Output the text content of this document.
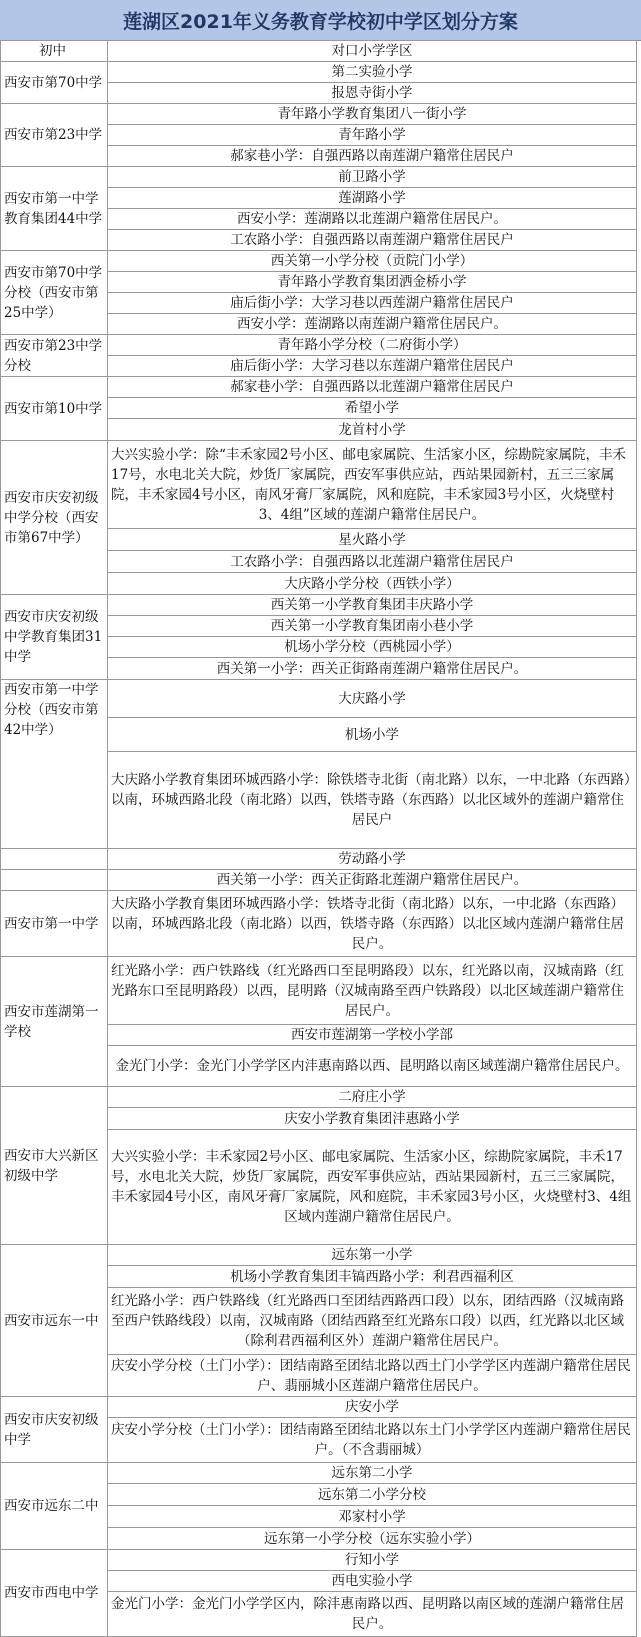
莲湖区2021年义务教育学校初中学区划分方案
初中	对口小学学区
西安市第70中学	第二实验小学
	报恩寺街小学
西安市第23中学	青年路小学教育集团八一街小学
	青年路小学
	郝家巷小学：自强西路以南莲湖户籍常住居民户
西安市第一中学教育集团44中学	前卫路小学
	莲湖路小学
	西安小学：莲湖路以北莲湖户籍常住居民户。
	工农路小学：自强西路以南莲湖户籍常住居民户
西安市第70中学分校（西安市第25中学）	西关第一小学分校（贡院门小学）
	青年路小学教育集团洒金桥小学
	庙后街小学：大学习巷以西莲湖户籍常住居民户
	西安小学：莲湖路以南莲湖户籍常住居民户。
西安市第23中学分校	青年路小学分校（二府街小学）
	庙后街小学：大学习巷以东莲湖户籍常住居民户
西安市第10中学	郝家巷小学：自强西路以北莲湖户籍常住居民户
	希望小学
	龙首村小学
西安市庆安初级中学分校（西安市第67中学）	大兴实验小学：除“丰禾家园2号小区、邮电家属院、生活家小区，综勘院家属院，丰禾17号，水电北关大院，炒货厂家属院，西安军事供应站，西站果园新村，五三三家属院，丰禾家园4号小区，南风牙膏厂家属院，风和庭院，丰禾家园3号小区，火烧壁村3、4组”区域的莲湖户籍常住居民户。
	星火路小学
	工农路小学：自强西路以北莲湖户籍常住居民户
	大庆路小学分校（西铁小学）
西安市庆安初级中学教育集团31中学	西关第一小学教育集团丰庆路小学
	西关第一小学教育集团南小巷小学
	机场小学分校（西桃园小学）
	西关第一小学：西关正街路南莲湖户籍常住居民户。
西安市第一中学分校（西安市第42中学）	大庆路小学
	机场小学
	大庆路小学教育集团环城西路小学：除铁塔寺北街（南北路）以东，一中北路（东西路）以南，环城西路北段（南北路）以西，铁塔寺路（东西路）以北区域外的莲湖户籍常住居民户
	劳动路小学
	西关第一小学：西关正街路北莲湖户籍常住居民户。
西安市第一中学	大庆路小学教育集团环城西路小学：铁塔寺北街（南北路）以东，一中北路（东西路）以南，环城西路北段（南北路）以西，铁塔寺路（东西路）以北区域内莲湖户籍常住居民户。
西安市莲湖第一学校	红光路小学：西户铁路线（红光路西口至昆明路段）以东，红光路以南，汉城南路（红光路东口至昆明路段）以西，昆明路（汉城南路至西户铁路段）以北区域莲湖户籍常住居民户。
	西安市莲湖第一学校小学部
	金光门小学：金光门小学学区内沣惠南路以西、昆明路以南区域莲湖户籍常住居民户。
西安市大兴新区初级中学	二府庄小学
	庆安小学教育集团沣惠路小学
	大兴实验小学：丰禾家园2号小区、邮电家属院、生活家小区，综勘院家属院，丰禾17号，水电北关大院，炒货厂家属院，西安军事供应站，西站果园新村，五三三家属院，丰禾家园4号小区，南风牙膏厂家属院，风和庭院，丰禾家园3号小区，火烧壁村3、4组区域内莲湖户籍常住居民户。
西安市远东一中	远东第一小学
	机场小学教育集团丰镐西路小学：利君西福利区
	红光路小学：西户铁路线（红光路西口至团结西路西口段）以东，团结西路（汉城南路至西户铁路线段）以南，汉城南路（团结西路至红光路东口段）以西，红光路以北区域（除利君西福利区外）莲湖户籍常住居民户。
	庆安小学分校（土门小学）：团结南路至团结北路以西土门小学学区内莲湖户籍常住居民户、翡丽城小区莲湖户籍常住居民户。
西安市庆安初级中学	庆安小学
	庆安小学分校（土门小学）：团结南路至团结北路以东土门小学学区内莲湖户籍常住居民户。（不含翡丽城）
西安市远东二中	远东第二小学
	远东第二小学分校
	邓家村小学
	远东第一小学分校（远东实验小学）
西安市西电中学	行知小学
	西电实验小学
	金光门小学：金光门小学学区内，除沣惠南路以西、昆明路以南区域的莲湖户籍常住居民户。
